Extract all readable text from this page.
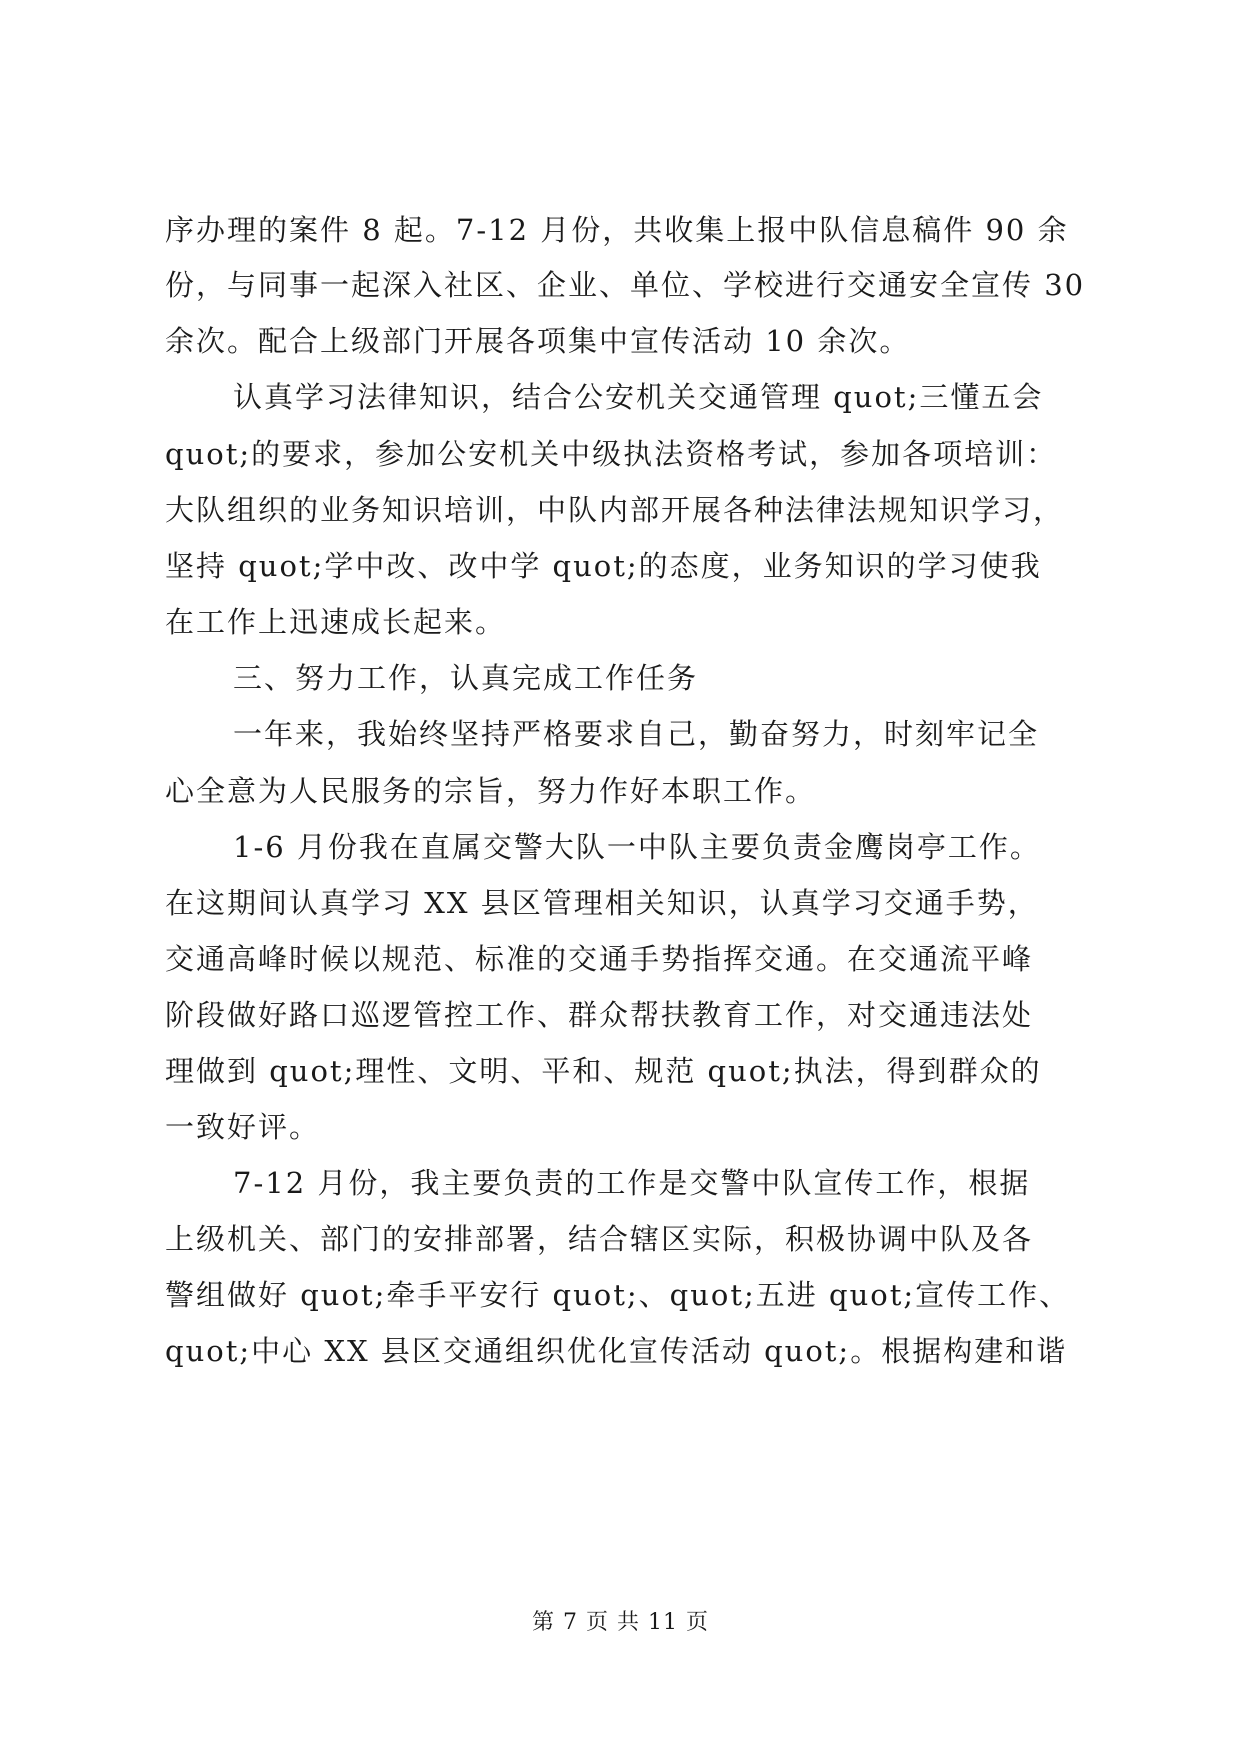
序办理的案件 8 起。7-12 月份，共收集上报中队信息稿件 90 余
份，与同事一起深入社区、企业、单位、学校进行交通安全宣传 30
余次。配合上级部门开展各项集中宣传活动 10 余次。
认真学习法律知识，结合公安机关交通管理 quot;三懂五会
quot;的要求，参加公安机关中级执法资格考试，参加各项培训：
大队组织的业务知识培训，中队内部开展各种法律法规知识学习，
坚持 quot;学中改、改中学 quot;的态度，业务知识的学习使我
在工作上迅速成长起来。
三、努力工作，认真完成工作任务
一年来，我始终坚持严格要求自己，勤奋努力，时刻牢记全
心全意为人民服务的宗旨，努力作好本职工作。
1-6 月份我在直属交警大队一中队主要负责金鹰岗亭工作。
在这期间认真学习 XX 县区管理相关知识，认真学习交通手势，
交通高峰时候以规范、标准的交通手势指挥交通。在交通流平峰
阶段做好路口巡逻管控工作、群众帮扶教育工作，对交通违法处
理做到 quot;理性、文明、平和、规范 quot;执法，得到群众的
一致好评。
7-12 月份，我主要负责的工作是交警中队宣传工作，根据
上级机关、部门的安排部署，结合辖区实际，积极协调中队及各
警组做好 quot;牵手平安行 quot;、quot;五进 quot;宣传工作、
quot;中心 XX 县区交通组织优化宣传活动 quot;。根据构建和谐
第 7 页 共 11 页
